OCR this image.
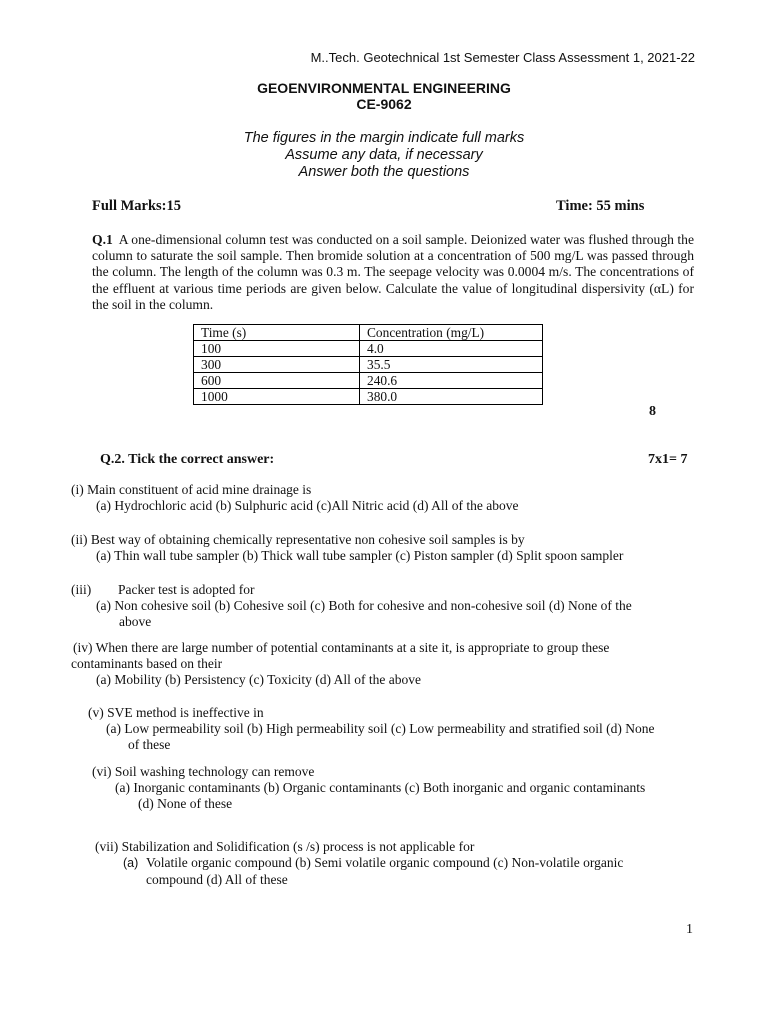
M..Tech. Geotechnical 1st Semester Class Assessment 1, 2021-22
GEOENVIRONMENTAL ENGINEERING
CE-9062
The figures in the margin indicate full marks
Assume any data, if necessary
Answer both the questions
Full Marks:15	Time: 55 mins
Q.1 A one-dimensional column test was conducted on a soil sample. Deionized water was flushed through the column to saturate the soil sample. Then bromide solution at a concentration of 500 mg/L was passed through the column. The length of the column was 0.3 m. The seepage velocity was 0.0004 m/s. The concentrations of the effluent at various time periods are given below. Calculate the value of longitudinal dispersivity (αL) for the soil in the column.
Time (s)	Concentration (mg/L)
100	4.0
300	35.5
600	240.6
1000	380.0
8
Q.2. Tick the correct answer:	7x1= 7
(i) Main constituent of acid mine drainage is
(a) Hydrochloric acid (b) Sulphuric acid (c)All Nitric acid (d) All of the above
(ii) Best way of obtaining chemically representative non cohesive soil samples is by
(a) Thin wall tube sampler (b) Thick wall tube sampler (c) Piston sampler (d) Split spoon sampler
(iii) Packer test is adopted for
(a) Non cohesive soil (b) Cohesive soil (c) Both for cohesive and non-cohesive soil (d) None of the
above
(iv) When there are large number of potential contaminants at a site it, is appropriate to group these
contaminants based on their
(a) Mobility (b) Persistency (c) Toxicity (d) All of the above
(v) SVE method is ineffective in
(a) Low permeability soil (b) High permeability soil (c) Low permeability and stratified soil (d) None
of these
(vi) Soil washing technology can remove
(a) Inorganic contaminants (b) Organic contaminants (c) Both inorganic and organic contaminants
(d) None of these
(vii) Stabilization and Solidification (s /s) process is not applicable for
(a) Volatile organic compound (b) Semi volatile organic compound (c) Non-volatile organic
compound (d) All of these
1
